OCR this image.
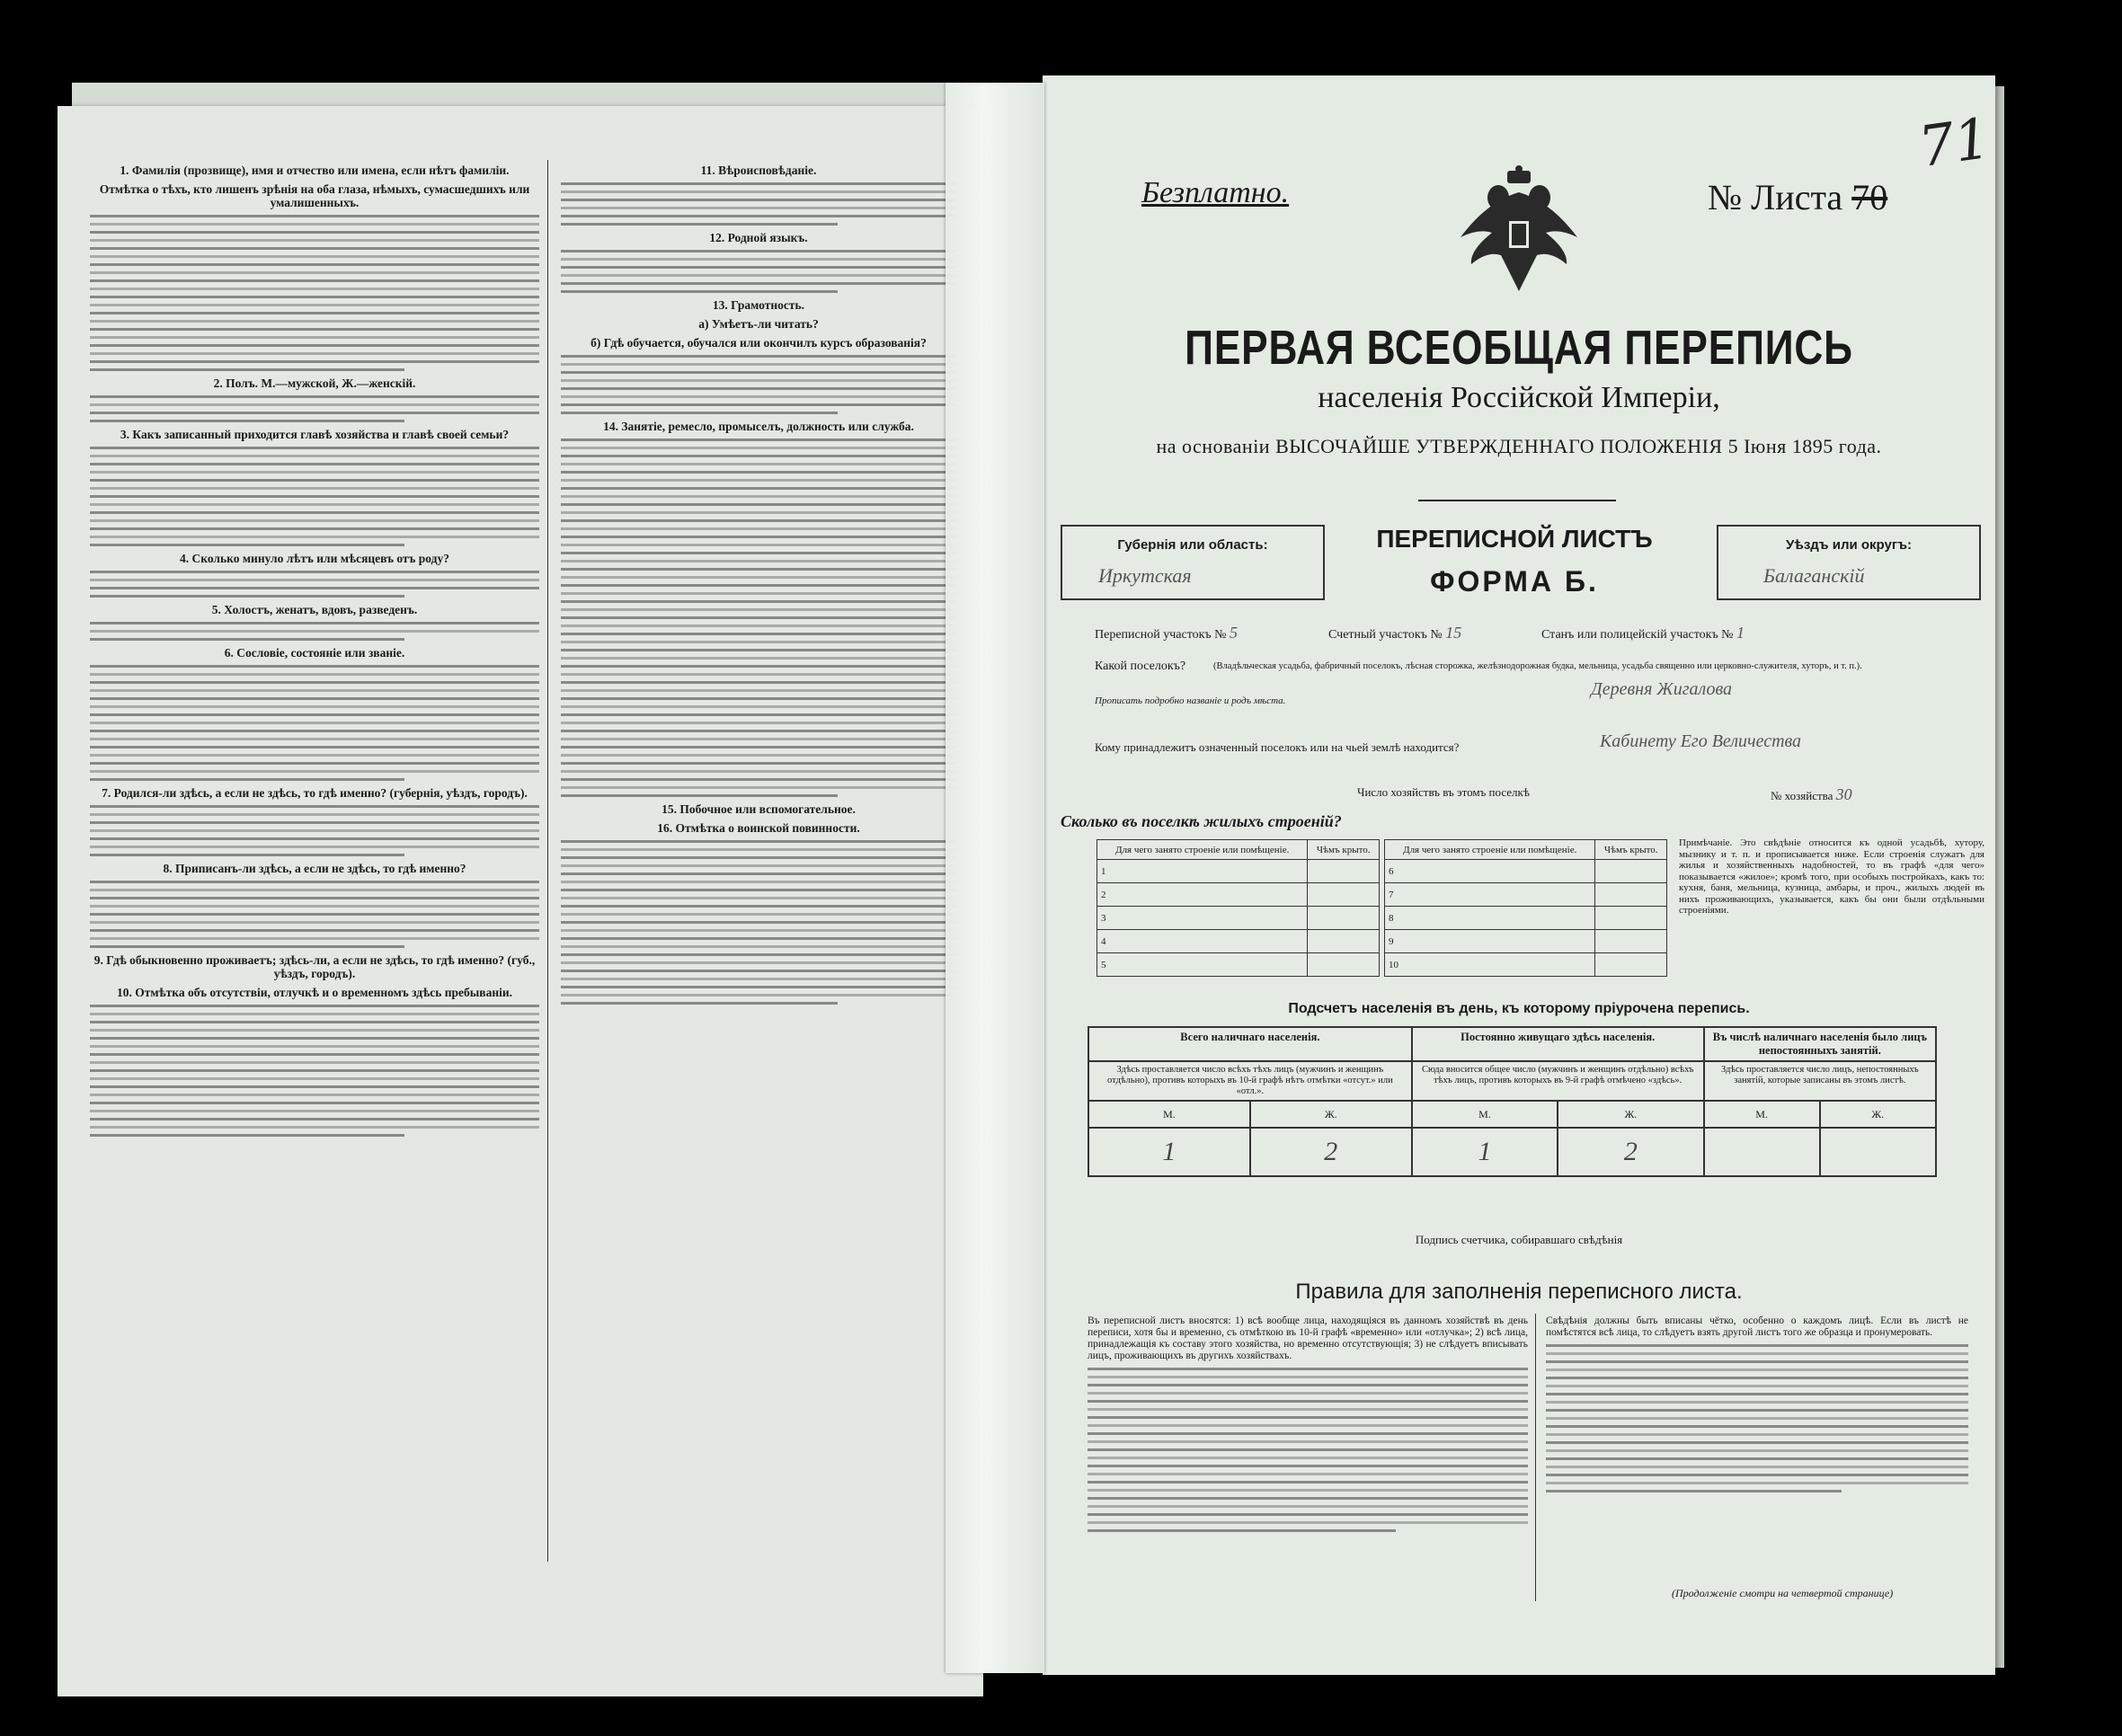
1. Фамилія (прозвище), имя и отчество или имена, если нѣтъ фамиліи.
Отмѣтка о тѣхъ, кто лишенъ зрѣнія на оба глаза, нѣмыхъ, сумасшедшихъ или умалишенныхъ.
2. Полъ. М.—мужской, Ж.—женскій.
3. Какъ записанный приходится главѣ хозяйства и главѣ своей семьи?
4. Сколько минуло лѣтъ или мѣсяцевъ отъ роду?
5. Холостъ, женатъ, вдовъ, разведенъ.
6. Сословіе, состояніе или званіе.
7. Родился-ли здѣсь, а если не здѣсь, то гдѣ именно? (губернія, уѣздъ, городъ).
8. Приписанъ-ли здѣсь, а если не здѣсь, то гдѣ именно?
9. Гдѣ обыкновенно проживаетъ; здѣсь-ли, а если не здѣсь, то гдѣ именно? (губ., уѣздъ, городъ).
10. Отмѣтка объ отсутствіи, отлучкѣ и о временномъ здѣсь пребываніи.
11. Вѣроисповѣданіе.
12. Родной языкъ.
13. Грамотность.
а) Умѣетъ-ли читать?
б) Гдѣ обучается, обучался или окончилъ курсъ образованія?
14. Занятіе, ремесло, промыселъ, должность или служба.
15. Побочное или вспомогательное.
16. Отмѣтка о воинской повинности.
71
Безплатно.	№ Листа 70
ПЕРВАЯ ВСЕОБЩАЯ ПЕРЕПИСЬ
населенія Россійской Имперіи,
на основаніи ВЫСОЧАЙШЕ УТВЕРЖДЕННАГО ПОЛОЖЕНІЯ 5 Іюня 1895 года.
Губернія или область:
Иркутская
ПЕРЕПИСНОЙ ЛИСТЪ
ФОРМА Б.
Уѣздъ или округъ:
Балаганскій
Переписной участокъ № 5	Счетный участокъ № 15	Станъ или полицейскій участокъ № 1
Какой поселокъ?	(Владѣльческая усадьба, фабричный поселокъ, лѣсная сторожка, желѣзнодорожная будка, мельница, усадьба священно или церковно-служителя, хуторъ, и т. п.).
Прописать подробно названіе и родъ мѣста.
Деревня Жигалова
Кому принадлежитъ означенный поселокъ или на чьей землѣ находится?	Кабинету Его Величества
Число хозяйствъ въ этомъ поселкѣ	№ хозяйства 30
Сколько въ поселкѣ жилыхъ строеній?
Для чего занято строеніе или помѣщеніе.	Чѣмъ крыто.
1	
2	
3	
4	
5	
Для чего занято строеніе или помѣщеніе.	Чѣмъ крыто.
6	
7	
8	
9	
10	
Примѣчаніе. Это свѣдѣніе относится къ одной усадьбѣ, хутору, мызнику и т. п. и прописывается ниже. Если строенія служатъ для жилья и хозяйственныхъ надобностей, то въ графѣ «для чего» показывается «жилое»; кромѣ того, при особыхъ постройкахъ, какъ то: кухня, баня, мельница, кузница, амбары, и проч., жилыхъ людей въ нихъ проживающихъ, указывается, какъ бы они были отдѣльными строеніями.
Подсчетъ населенія въ день, къ которому пріурочена перепись.
Всего наличнаго населенія.		Постоянно живущаго здѣсь населенія.		Въ числѣ наличнаго населенія было лицъ непостоянныхъ занятій.	
Здѣсь проставляется число всѣхъ тѣхъ лицъ (мужчинъ и женщинъ отдѣльно), противъ которыхъ въ 10-й графѣ нѣтъ отмѣтки «отсут.» или «отл.».		Сюда вносится общее число (мужчинъ и женщинъ отдѣльно) всѣхъ тѣхъ лицъ, противъ которыхъ въ 9-й графѣ отмѣчено «здѣсь».		Здѣсь проставляется число лицъ, непостоянныхъ занятій, которые записаны въ этомъ листѣ.	
М.	Ж.	М.	Ж.	М.	Ж.
1	2	1	2		
Подпись счетчика, собиравшаго свѣдѣнія
Правила для заполненія переписного листа.
Въ переписной листъ вносятся: 1) всѣ вообще лица, находящіяся въ данномъ хозяйствѣ въ день переписи, хотя бы и временно, съ отмѣткою въ 10-й графѣ «временно» или «отлучка»; 2) всѣ лица, принадлежащія къ составу этого хозяйства, но временно отсутствующія; 3) не слѣдуетъ вписывать лицъ, проживающихъ въ другихъ хозяйствахъ.
Свѣдѣнія должны быть вписаны чётко, особенно о каждомъ лицѣ. Если въ листѣ не помѣстятся всѣ лица, то слѣдуетъ взять другой листъ того же образца и пронумеровать.
(Продолженіе смотри на четвертой странице)
